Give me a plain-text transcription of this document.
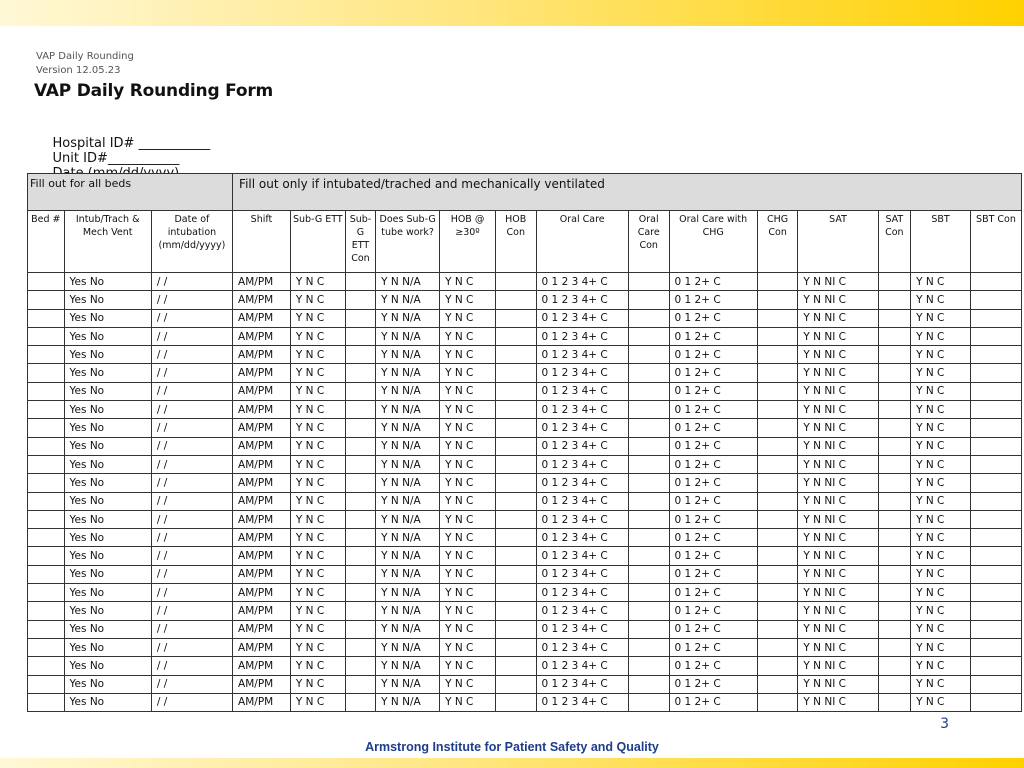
VAP Daily Rounding
Version 12.05.23
VAP Daily Rounding Form

Hospital ID# ___________
Unit ID#___________

Fill out for all beds			Fill out only if intubated/trached and mechanically ventilated													
Bed #	Intub/Trach & Mech Vent	Date of intubation (mm/dd/yyyy)	Shift	Sub-G ETT	Sub-G ETT Con	Does Sub-G tube work?	HOB @ ≥30º	HOB Con	Oral Care	Oral Care Con	Oral Care with CHG	CHG Con	SAT	SAT Con	SBT	SBT Con
	Yes No	/ /	AM/PM	Y N C		Y N N/A	Y N C		0 1 2 3 4+ C		0 1 2+ C		Y N NI C		Y N C	
	Yes No	/ /	AM/PM	Y N C		Y N N/A	Y N C		0 1 2 3 4+ C		0 1 2+ C		Y N NI C		Y N C	
	Yes No	/ /	AM/PM	Y N C		Y N N/A	Y N C		0 1 2 3 4+ C		0 1 2+ C		Y N NI C		Y N C	
	Yes No	/ /	AM/PM	Y N C		Y N N/A	Y N C		0 1 2 3 4+ C		0 1 2+ C		Y N NI C		Y N C	
	Yes No	/ /	AM/PM	Y N C		Y N N/A	Y N C		0 1 2 3 4+ C		0 1 2+ C		Y N NI C		Y N C	
	Yes No	/ /	AM/PM	Y N C		Y N N/A	Y N C		0 1 2 3 4+ C		0 1 2+ C		Y N NI C		Y N C	
	Yes No	/ /	AM/PM	Y N C		Y N N/A	Y N C		0 1 2 3 4+ C		0 1 2+ C		Y N NI C		Y N C	
	Yes No	/ /	AM/PM	Y N C		Y N N/A	Y N C		0 1 2 3 4+ C		0 1 2+ C		Y N NI C		Y N C	
	Yes No	/ /	AM/PM	Y N C		Y N N/A	Y N C		0 1 2 3 4+ C		0 1 2+ C		Y N NI C		Y N C	
	Yes No	/ /	AM/PM	Y N C		Y N N/A	Y N C		0 1 2 3 4+ C		0 1 2+ C		Y N NI C		Y N C	
	Yes No	/ /	AM/PM	Y N C		Y N N/A	Y N C		0 1 2 3 4+ C		0 1 2+ C		Y N NI C		Y N C	
	Yes No	/ /	AM/PM	Y N C		Y N N/A	Y N C		0 1 2 3 4+ C		0 1 2+ C		Y N NI C		Y N C	
	Yes No	/ /	AM/PM	Y N C		Y N N/A	Y N C		0 1 2 3 4+ C		0 1 2+ C		Y N NI C		Y N C	
	Yes No	/ /	AM/PM	Y N C		Y N N/A	Y N C		0 1 2 3 4+ C		0 1 2+ C		Y N NI C		Y N C	
	Yes No	/ /	AM/PM	Y N C		Y N N/A	Y N C		0 1 2 3 4+ C		0 1 2+ C		Y N NI C		Y N C	
	Yes No	/ /	AM/PM	Y N C		Y N N/A	Y N C		0 1 2 3 4+ C		0 1 2+ C		Y N NI C		Y N C	
	Yes No	/ /	AM/PM	Y N C		Y N N/A	Y N C		0 1 2 3 4+ C		0 1 2+ C		Y N NI C		Y N C	
	Yes No	/ /	AM/PM	Y N C		Y N N/A	Y N C		0 1 2 3 4+ C		0 1 2+ C		Y N NI C		Y N C	
	Yes No	/ /	AM/PM	Y N C		Y N N/A	Y N C		0 1 2 3 4+ C		0 1 2+ C		Y N NI C		Y N C	
	Yes No	/ /	AM/PM	Y N C		Y N N/A	Y N C		0 1 2 3 4+ C		0 1 2+ C		Y N NI C		Y N C	
	Yes No	/ /	AM/PM	Y N C		Y N N/A	Y N C		0 1 2 3 4+ C		0 1 2+ C		Y N NI C		Y N C	
	Yes No	/ /	AM/PM	Y N C		Y N N/A	Y N C		0 1 2 3 4+ C		0 1 2+ C		Y N NI C		Y N C	
	Yes No	/ /	AM/PM	Y N C		Y N N/A	Y N C		0 1 2 3 4+ C		0 1 2+ C		Y N NI C		Y N C	
	Yes No	/ /	AM/PM	Y N C		Y N N/A	Y N C		0 1 2 3 4+ C		0 1 2+ C		Y N NI C		Y N C	
3
Armstrong Institute for Patient Safety and Quality
